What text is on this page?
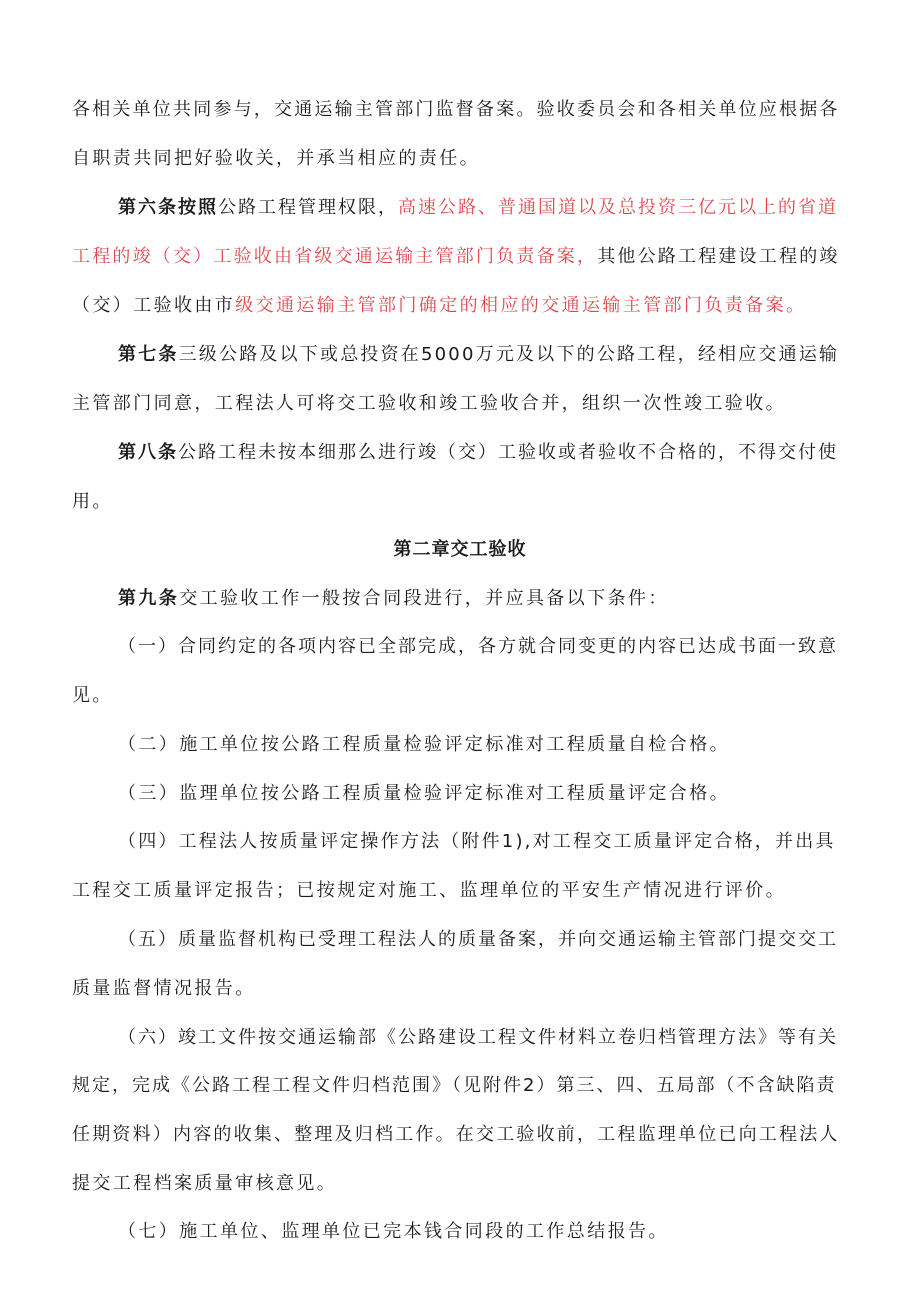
各相关单位共同参与，交通运输主管部门监督备案。验收委员会和各相关单位应根据各
自职责共同把好验收关，并承当相应的责任。
第六条按照公路工程管理权限，高速公路、普通国道以及总投资三亿元以上的省道
工程的竣（交）工验收由省级交通运输主管部门负责备案，其他公路工程建设工程的竣
（交）工验收由市级交通运输主管部门确定的相应的交通运输主管部门负责备案。
第七条三级公路及以下或总投资在5000万元及以下的公路工程，经相应交通运输
主管部门同意，工程法人可将交工验收和竣工验收合并，组织一次性竣工验收。
第八条公路工程未按本细那么进行竣（交）工验收或者验收不合格的，不得交付使
用。
第二章交工验收
第九条交工验收工作一般按合同段进行，并应具备以下条件：
（一）合同约定的各项内容已全部完成，各方就合同变更的内容已达成书面一致意
见。
（二）施工单位按公路工程质量检验评定标准对工程质量自检合格。
（三）监理单位按公路工程质量检验评定标准对工程质量评定合格。
（四）工程法人按质量评定操作方法（附件1),对工程交工质量评定合格，并出具
工程交工质量评定报告；已按规定对施工、监理单位的平安生产情况进行评价。
（五）质量监督机构已受理工程法人的质量备案，并向交通运输主管部门提交交工
质量监督情况报告。
（六）竣工文件按交通运输部《公路建设工程文件材料立卷归档管理方法》等有关
规定，完成《公路工程工程文件归档范围》（见附件2）第三、四、五局部（不含缺陷责
任期资料）内容的收集、整理及归档工作。在交工验收前，工程监理单位已向工程法人
提交工程档案质量审核意见。
（七）施工单位、监理单位已完本钱合同段的工作总结报告。
